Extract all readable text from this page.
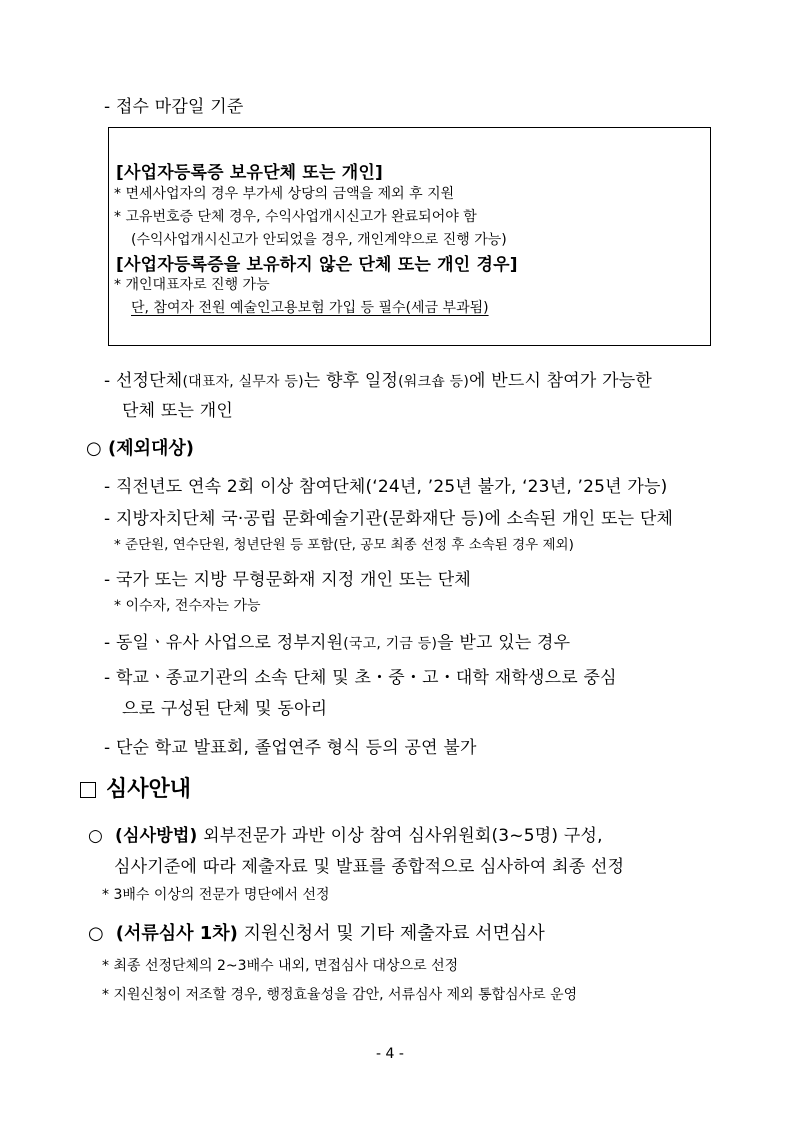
- 접수 마감일 기준
[사업자등록증 보유단체 또는 개인]
* 면세사업자의 경우 부가세 상당의 금액을 제외 후 지원
* 고유번호증 단체 경우, 수익사업개시신고가 완료되어야 함
(수익사업개시신고가 안되었을 경우, 개인계약으로 진행 가능)
[사업자등록증을 보유하지 않은 단체 또는 개인 경우]
* 개인대표자로 진행 가능
단, 참여자 전원 예술인고용보험 가입 등 필수(세금 부과됨)
- 선정단체(대표자, 실무자 등)는 향후 일정(워크숍 등)에 반드시 참여가 가능한
단체 또는 개인
○ (제외대상)
- 직전년도 연속 2회 이상 참여단체(‘24년, ’25년 불가, ‘23년, ’25년 가능)
- 지방자치단체 국·공립 문화예술기관(문화재단 등)에 소속된 개인 또는 단체
* 준단원, 연수단원, 청년단원 등 포함(단, 공모 최종 선정 후 소속된 경우 제외)
- 국가 또는 지방 무형문화재 지정 개인 또는 단체
* 이수자, 전수자는 가능
- 동일ㆍ유사 사업으로 정부지원(국고, 기금 등)을 받고 있는 경우
- 학교ㆍ종교기관의 소속 단체 및 초・중・고・대학 재학생으로 중심
으로 구성된 단체 및 동아리
- 단순 학교 발표회, 졸업연주 형식 등의 공연 불가
심사안내
○ (심사방법) 외부전문가 과반 이상 참여 심사위원회(3~5명) 구성,
심사기준에 따라 제출자료 및 발표를 종합적으로 심사하여 최종 선정
* 3배수 이상의 전문가 명단에서 선정
○ (서류심사 1차) 지원신청서 및 기타 제출자료 서면심사
* 최종 선정단체의 2~3배수 내외, 면접심사 대상으로 선정
* 지원신청이 저조할 경우, 행정효율성을 감안, 서류심사 제외 통합심사로 운영
- 4 -
